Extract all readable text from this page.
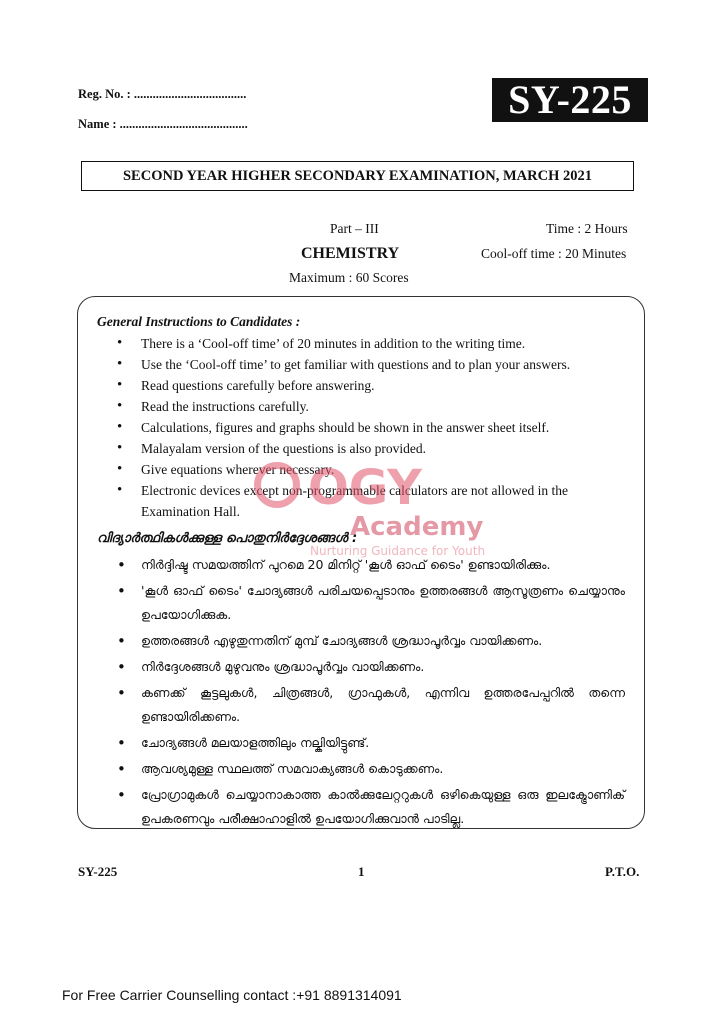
Reg. No. : ....................................
Name : .........................................
SY-225
SECOND YEAR HIGHER SECONDARY EXAMINATION, MARCH 2021
Part – III	Time : 2 Hours
CHEMISTRY	Cool-off time : 20 Minutes
Maximum : 60 Scores
General Instructions to Candidates :
• There is a ‘Cool-off time’ of 20 minutes in addition to the writing time.
• Use the ‘Cool-off time’ to get familiar with questions and to plan your answers.
• Read questions carefully before answering.
• Read the instructions carefully.
• Calculations, figures and graphs should be shown in the answer sheet itself.
• Malayalam version of the questions is also provided.
• Give equations wherever necessary.
• Electronic devices except non-programmable calculators are not allowed in the Examination Hall.
വിദ്യാർത്ഥികൾക്കുള്ള പൊതുനിർദ്ദേശങ്ങൾ :
• നിർദ്ദിഷ്ട സമയത്തിന് പുറമെ 20 മിനിറ്റ് 'കൂൾ ഓഫ് ടൈം' ഉണ്ടായിരിക്കും.
• 'കൂൾ ഓഫ് ടൈം' ചോദ്യങ്ങൾ പരിചയപ്പെടാനും ഉത്തരങ്ങൾ ആസൂത്രണം ചെയ്യാനും ഉപയോഗിക്കുക.
• ഉത്തരങ്ങൾ എഴുതുന്നതിന് മുമ്പ് ചോദ്യങ്ങൾ ശ്രദ്ധാപൂർവ്വം വായിക്കണം.
• നിർദ്ദേശങ്ങൾ മുഴുവനും ശ്രദ്ധാപൂർവ്വം വായിക്കണം.
• കണക്ക് കൂട്ടലുകൾ, ചിത്രങ്ങൾ, ഗ്രാഫുകൾ, എന്നിവ ഉത്തരപേപ്പറിൽ തന്നെ ഉണ്ടായിരിക്കണം.
• ചോദ്യങ്ങൾ മലയാളത്തിലും നല്കിയിട്ടുണ്ട്.
• ആവശ്യമുള്ള സ്ഥലത്ത് സമവാക്യങ്ങൾ കൊടുക്കണം.
• പ്രോഗ്രാമുകൾ ചെയ്യാനാകാത്ത കാൽക്കുലേറ്ററുകൾ ഒഴികെയുള്ള ഒരു ഇലക്ട്രോണിക് ഉപകരണവും പരീക്ഷാഹാളിൽ ഉപയോഗിക്കുവാൻ പാടില്ല.
OGY
Academy
Nurturing Guidance for Youth
SY-225	1	P.T.O.
For Free Carrier Counselling contact :+91 8891314091
